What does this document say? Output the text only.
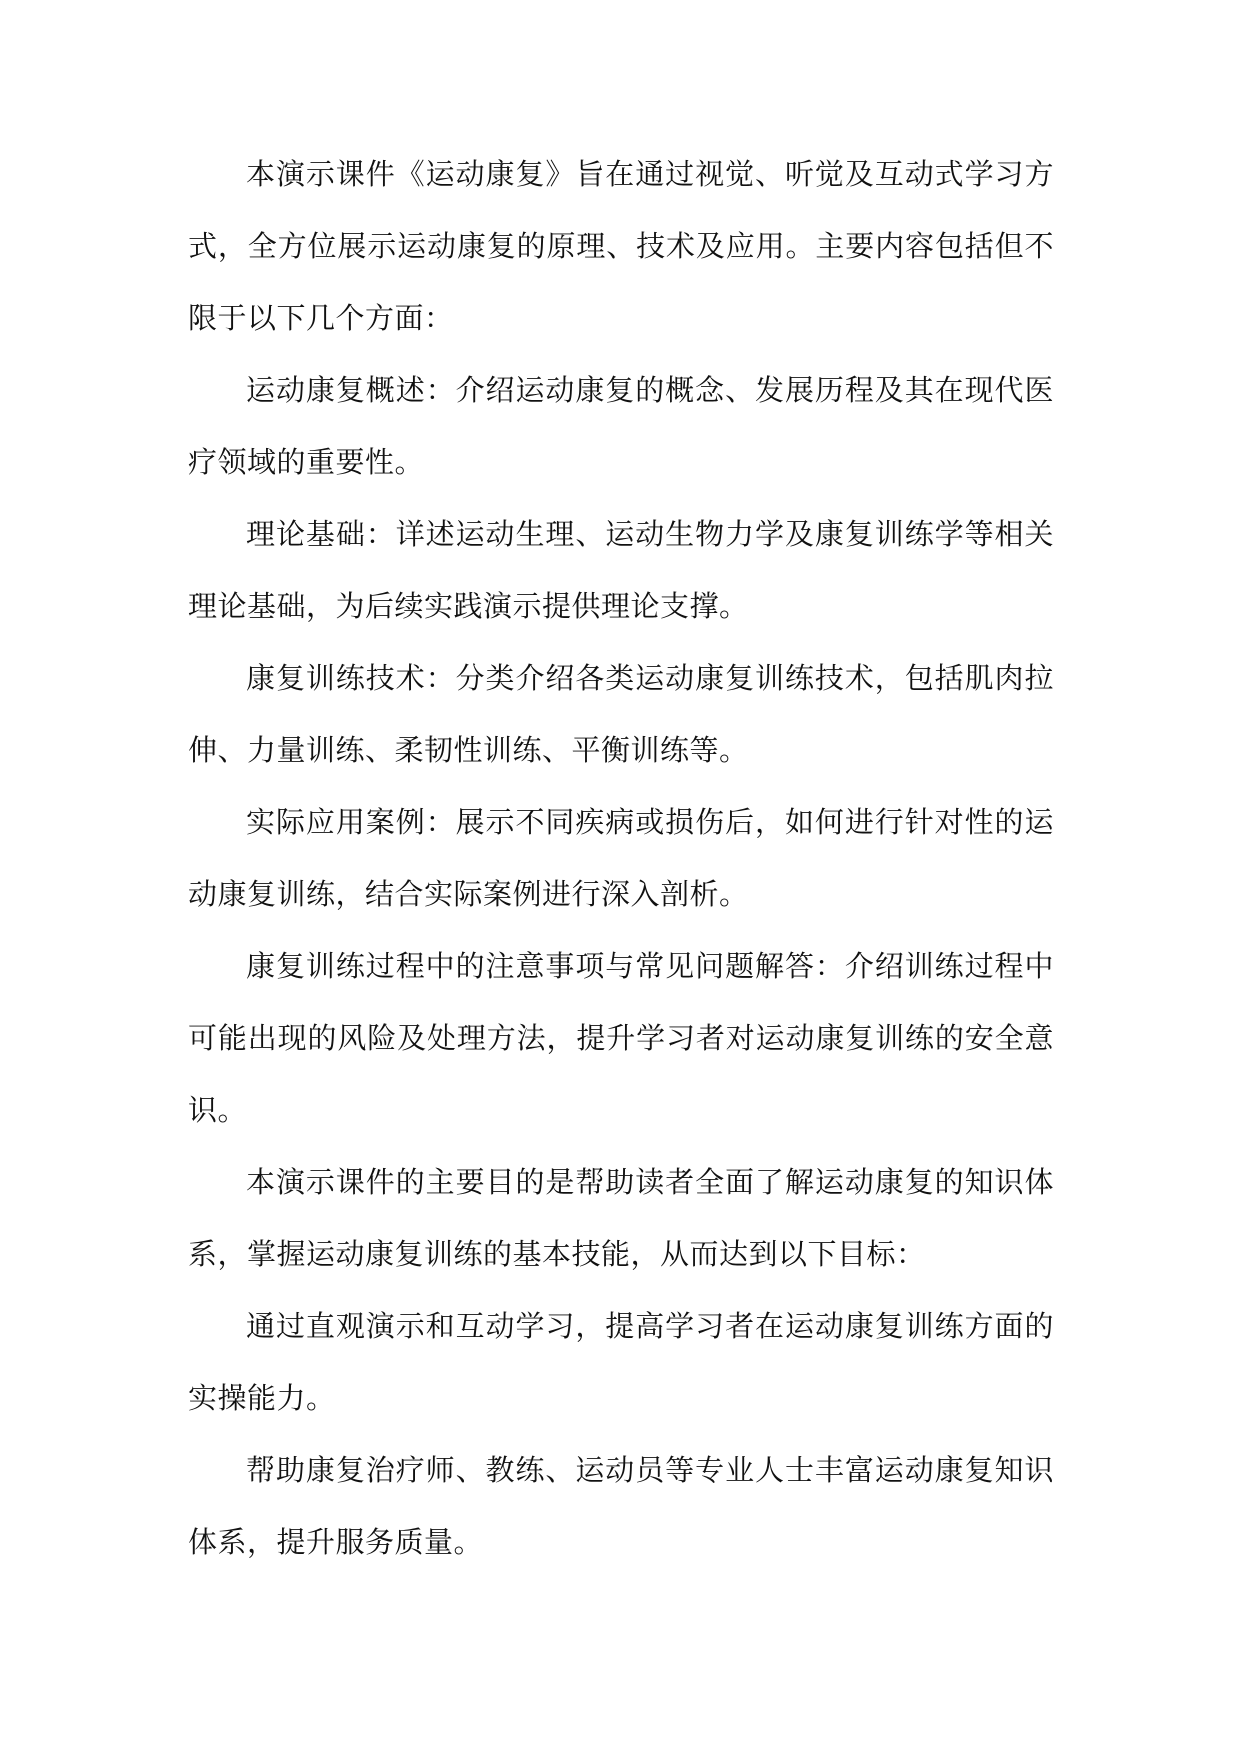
本演示课件《运动康复》旨在通过视觉、听觉及互动式学习方式，全方位展示运动康复的原理、技术及应用。主要内容包括但不限于以下几个方面：

运动康复概述：介绍运动康复的概念、发展历程及其在现代医疗领域的重要性。

理论基础：详述运动生理、运动生物力学及康复训练学等相关理论基础，为后续实践演示提供理论支撑。

康复训练技术：分类介绍各类运动康复训练技术，包括肌肉拉伸、力量训练、柔韧性训练、平衡训练等。

实际应用案例：展示不同疾病或损伤后，如何进行针对性的运动康复训练，结合实际案例进行深入剖析。

康复训练过程中的注意事项与常见问题解答：介绍训练过程中可能出现的风险及处理方法，提升学习者对运动康复训练的安全意识。

本演示课件的主要目的是帮助读者全面了解运动康复的知识体系，掌握运动康复训练的基本技能，从而达到以下目标：

通过直观演示和互动学习，提高学习者在运动康复训练方面的实操能力。

帮助康复治疗师、教练、运动员等专业人士丰富运动康复知识体系，提升服务质量。
